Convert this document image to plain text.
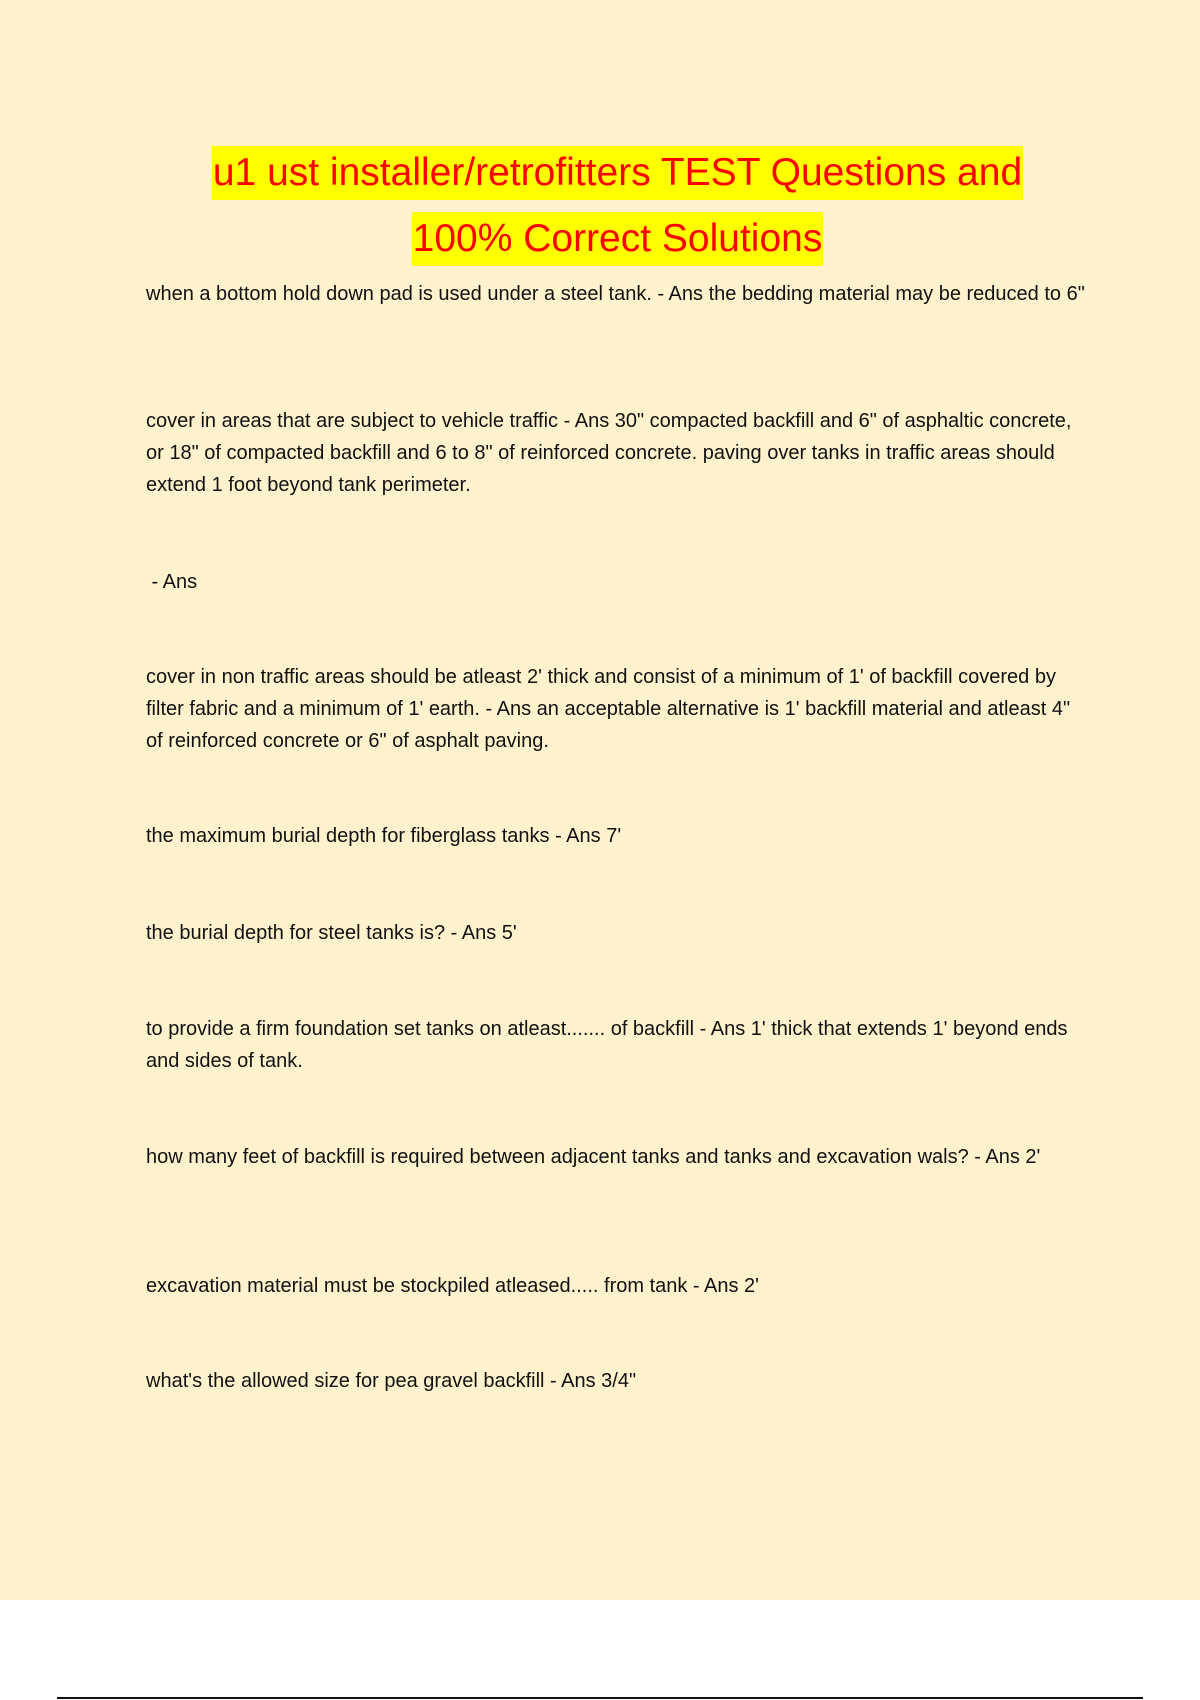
u1 ust installer/retrofitters TEST Questions and
100% Correct Solutions
when a bottom hold down pad is used under a steel tank. - Ans the bedding material may be reduced to 6"
cover in areas that are subject to vehicle traffic - Ans 30" compacted backfill and 6" of asphaltic concrete, or 18" of compacted backfill and 6 to 8" of reinforced concrete. paving over tanks in traffic areas should extend 1 foot beyond tank perimeter.
- Ans
cover in non traffic areas should be atleast 2' thick and consist of a minimum of 1' of backfill covered by filter fabric and a minimum of 1' earth. - Ans an acceptable alternative is 1' backfill material and atleast 4" of reinforced concrete or 6" of asphalt paving.
the maximum burial depth for fiberglass tanks - Ans 7'
the burial depth for steel tanks is? - Ans 5'
to provide a firm foundation set tanks on atleast....... of backfill - Ans 1' thick that extends 1' beyond ends and sides of tank.
how many feet of backfill is required between adjacent tanks and tanks and excavation wals? - Ans 2'
excavation material must be stockpiled atleased..... from tank - Ans 2'
what's the allowed size for pea gravel backfill - Ans 3/4"
